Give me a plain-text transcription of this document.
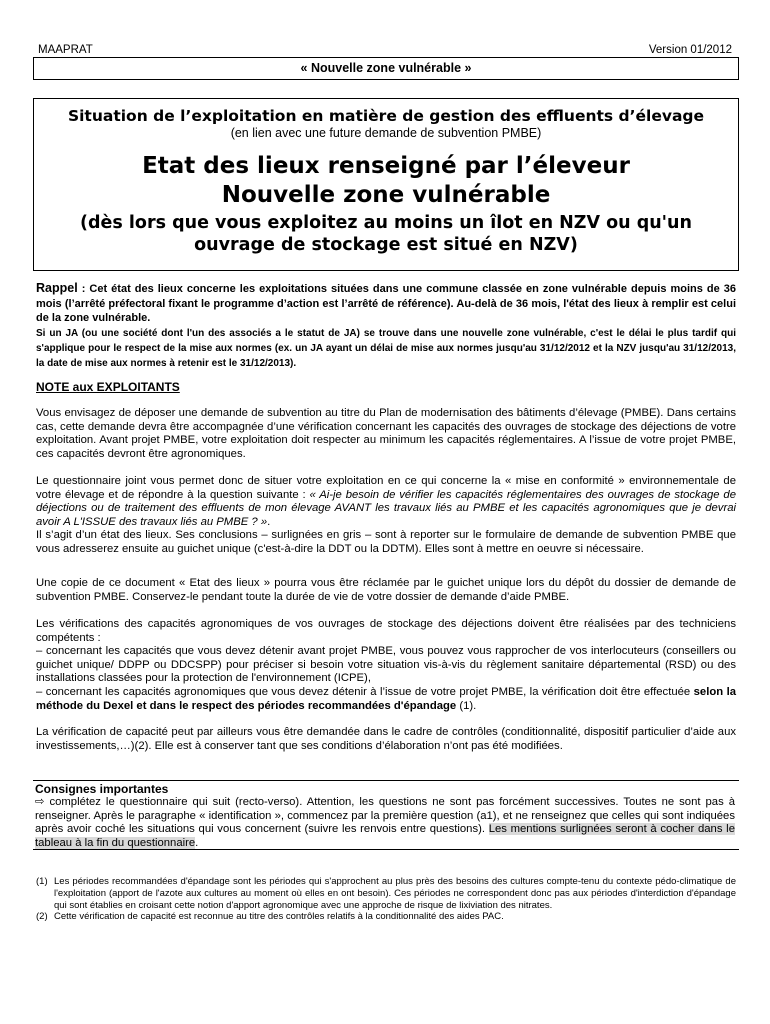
MAAPRAT	Version 01/2012
« Nouvelle zone vulnérable »
Situation de l’exploitation en matière de gestion des effluents d’élevage
(en lien avec une future demande de subvention PMBE)
Etat des lieux renseigné par l’éleveur
Nouvelle zone vulnérable
(dès lors que vous exploitez au moins un îlot en NZV ou qu'un
ouvrage de stockage est situé en NZV)
Rappel : Cet état des lieux concerne les exploitations situées dans une commune classée en zone vulnérable depuis moins de 36 mois (l’arrêté préfectoral fixant le programme d’action est l’arrêté de référence). Au-delà de 36 mois, l'état des lieux à remplir est celui de la zone vulnérable.
Si un JA (ou une société dont l'un des associés a le statut de JA) se trouve dans une nouvelle zone vulnérable, c'est le délai le plus tardif qui s'applique pour le respect de la mise aux normes (ex. un JA ayant un délai de mise aux normes jusqu'au 31/12/2012 et la NZV jusqu'au 31/12/2013, la date de mise aux normes à retenir est le 31/12/2013).
NOTE aux EXPLOITANTS
Vous envisagez de déposer une demande de subvention au titre du Plan de modernisation des bâtiments d’élevage (PMBE). Dans certains cas, cette demande devra être accompagnée d’une vérification concernant les capacités des ouvrages de stockage des déjections de votre exploitation. Avant projet PMBE, votre exploitation doit respecter au minimum les capacités réglementaires. A l’issue de votre projet PMBE, ces capacités devront être agronomiques.
Le questionnaire joint vous permet donc de situer votre exploitation en ce qui concerne la « mise en conformité » environnementale de votre élevage et de répondre à la question suivante : « Ai-je besoin de vérifier les capacités réglementaires des ouvrages de stockage de déjections ou de traitement des effluents de mon élevage AVANT les travaux liés au PMBE et les capacités agronomiques que je devrai avoir A L'ISSUE des travaux liés au PMBE ? ».
Il s’agit d’un état des lieux. Ses conclusions – surlignées en gris – sont à reporter sur le formulaire de demande de subvention PMBE que vous adresserez ensuite au guichet unique (c'est-à-dire la DDT ou la DDTM). Elles sont à mettre en oeuvre si nécessaire.
Une copie de ce document « Etat des lieux » pourra vous être réclamée par le guichet unique lors du dépôt du dossier de demande de subvention PMBE. Conservez-le pendant toute la durée de vie de votre dossier de demande d’aide PMBE.
Les vérifications des capacités agronomiques de vos ouvrages de stockage des déjections doivent être réalisées par des techniciens compétents :
– concernant les capacités que vous devez détenir avant projet PMBE, vous pouvez vous rapprocher de vos interlocuteurs (conseillers ou guichet unique/ DDPP ou DDCSPP) pour préciser si besoin votre situation vis-à-vis du règlement sanitaire départemental (RSD) ou des installations classées pour la protection de l'environnement (ICPE),
– concernant les capacités agronomiques que vous devez détenir à l’issue de votre projet PMBE, la vérification doit être effectuée selon la méthode du Dexel et dans le respect des périodes recommandées d'épandage (1).
La vérification de capacité peut par ailleurs vous être demandée dans le cadre de contrôles (conditionnalité, dispositif particulier d’aide aux investissements,…)(2). Elle est à conserver tant que ses conditions d’élaboration n’ont pas été modifiées.
Consignes importantes
⇨ complétez le questionnaire qui suit (recto-verso). Attention, les questions ne sont pas forcément successives. Toutes ne sont pas à renseigner. Après le paragraphe « identification », commencez par la première question (a1), et ne renseignez que celles qui sont indiquées après avoir coché les situations qui vous concernent (suivre les renvois entre questions). Les mentions surlignées seront à cocher dans le tableau à la fin du questionnaire.
(1) Les périodes recommandées d'épandage sont les périodes qui s'approchent au plus près des besoins des cultures compte-tenu du contexte pédo-climatique de l'exploitation (apport de l'azote aux cultures au moment où elles en ont besoin). Ces périodes ne correspondent donc pas aux périodes d'interdiction d'épandage qui sont établies en croisant cette notion d'apport agronomique avec une approche de risque de lixiviation des nitrates.
(2) Cette vérification de capacité est reconnue au titre des contrôles relatifs à la conditionnalité des aides PAC.
